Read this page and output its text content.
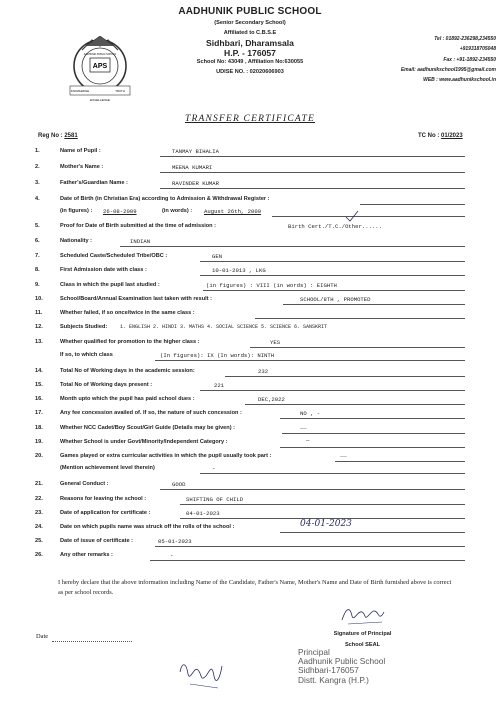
APS
AADHUNIK PUBLIC SCHOOL
KNOWLEDGE	TRUTH
EXCELLENCE
AADHUNIK PUBLIC SCHOOL
(Senior Secondary School)
Affiliated to C.B.S.E
Sidhbari, Dharamsala
H.P. - 176057
School No: 43049 , Affiliation No:630055
UDISE NO. : 02020606903
Tel : 01892-236298,234550
+919318705048
Fax : +91-1892-234550
Email: aadhunikschool1995@gmail.com
WEB : www.aadhunikschool.in
TRANSFER CERTIFICATE
Reg No : 2581	TC No : 01/2023
1.	Name of Pupil :	TANMAY BIHALIA
2.	Mother's Name :	MEENA KUMARI
3.	Father's/Guardian Name :	RAVINDER KUMAR
4.	Date of Birth (in Christian Era) according to Admission & Withdrawal Register :
(in figures) : 26-08-2009	(in words) : August 26th, 2009
5.	Proof for Date of Birth submitted at the time of admission :	Birth Cert./T.C./Other......
6.	Nationality :	INDIAN
7.	Scheduled Caste/Scheduled Tribe/OBC :	GEN
8.	First Admission date with class :	10-01-2013 , LKG
9.	Class in which the pupil last studied :	(in figures) : VIII (in words) : EIGHTH
10.	School/Board/Annual Examination last taken with result :	SCHOOL/8TH , PROMOTED
11.	Whether failed, if so once/twice in the same class :
12.	Subjects Studied:	1. ENGLISH 2. HINDI 3. MATHS 4. SOCIAL SCIENCE 5. SCIENCE 6. SANSKRIT
13.	Whether qualified for promotion to the higher class :	YES
If so, to which class	(In figures): IX (In words): NINTH
14.	Total No of Working days in the academic session:	232
15.	Total No of Working days present :	221
16.	Month upto which the pupil has paid school dues :	DEC,2022
17.	Any fee concession availed of. If so, the nature of such concession :	NO , -
18.	Whether NCC Cadet/Boy Scout/Girl Guide (Details may be given) :	__
19.	Whether School is under Govt/Minority/Independent Category :	—
20.	Games played or extra curricular activities in which the pupil usually took part :	__
(Mention achievement level therein)	-
21.	General Conduct :	GOOD
22.	Reasons for leaving the school :	SHIFTING OF CHILD
23.	Date of application for certificate :	04-01-2023
24.	Date on which pupils name was struck off the rolls of the school :	04-01-2023
25.	Date of issue of certificate :	05-01-2023
26.	Any other remarks :	-
I hereby declare that the above information including Name of the Candidate, Father's Name, Mother's Name and Date of Birth furnished above is correct as per school records.
Date	Signature of Principal
School SEAL
Principal
Aadhunik Public School
Sidhbari-176057
Distt. Kangra (H.P.)
